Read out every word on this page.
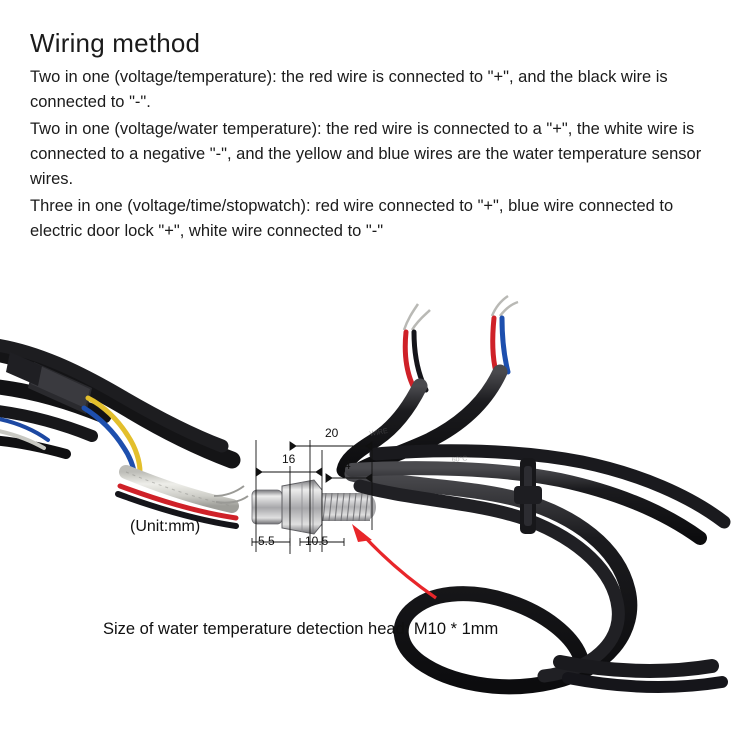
Wiring method

Two in one (voltage/temperature): the red wire is connected to "+", and the black wire is connected to "-".

Two in one (voltage/water temperature): the red wire is connected to a "+", the white wire is connected to a negative "-", and the yellow and blue wires are the water temperature sensor wires.

Three in one (voltage/time/stopwatch): red wire connected to "+", blue wire connected to electric door lock "+", white wire connected to "-"

WIRE
60°C
20
16	4
5.5	10.5
(Unit:mm)
Size of water temperature detection head: M10 * 1mm
